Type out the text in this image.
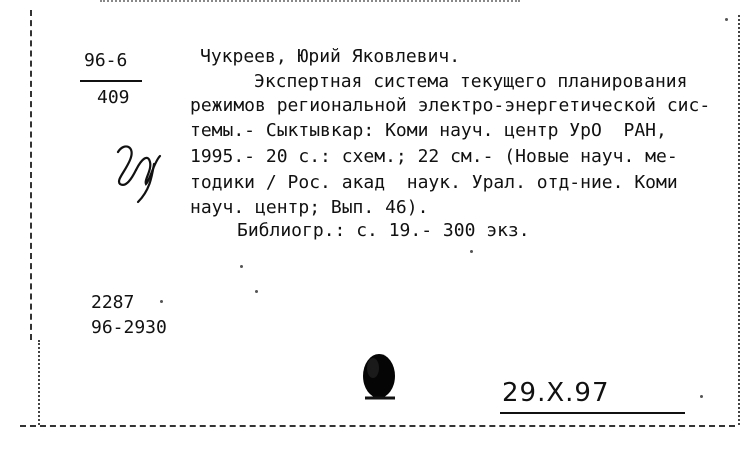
96-6
409
Чукреев, Юрий Яковлевич.
Экспертная система текущего планирования
режимов региональной электро-энергетической сис-
темы.- Сыктывкар: Коми науч. центр УрО  РАН,
1995.- 20 с.: схем.; 22 см.- (Новые науч. ме-
тодики / Рос. акад  наук. Урал. отд-ние. Коми
науч. центр; Вып. 46).
Библиогр.: с. 19.- 300 экз.
2287
96-2930
29.X.97
